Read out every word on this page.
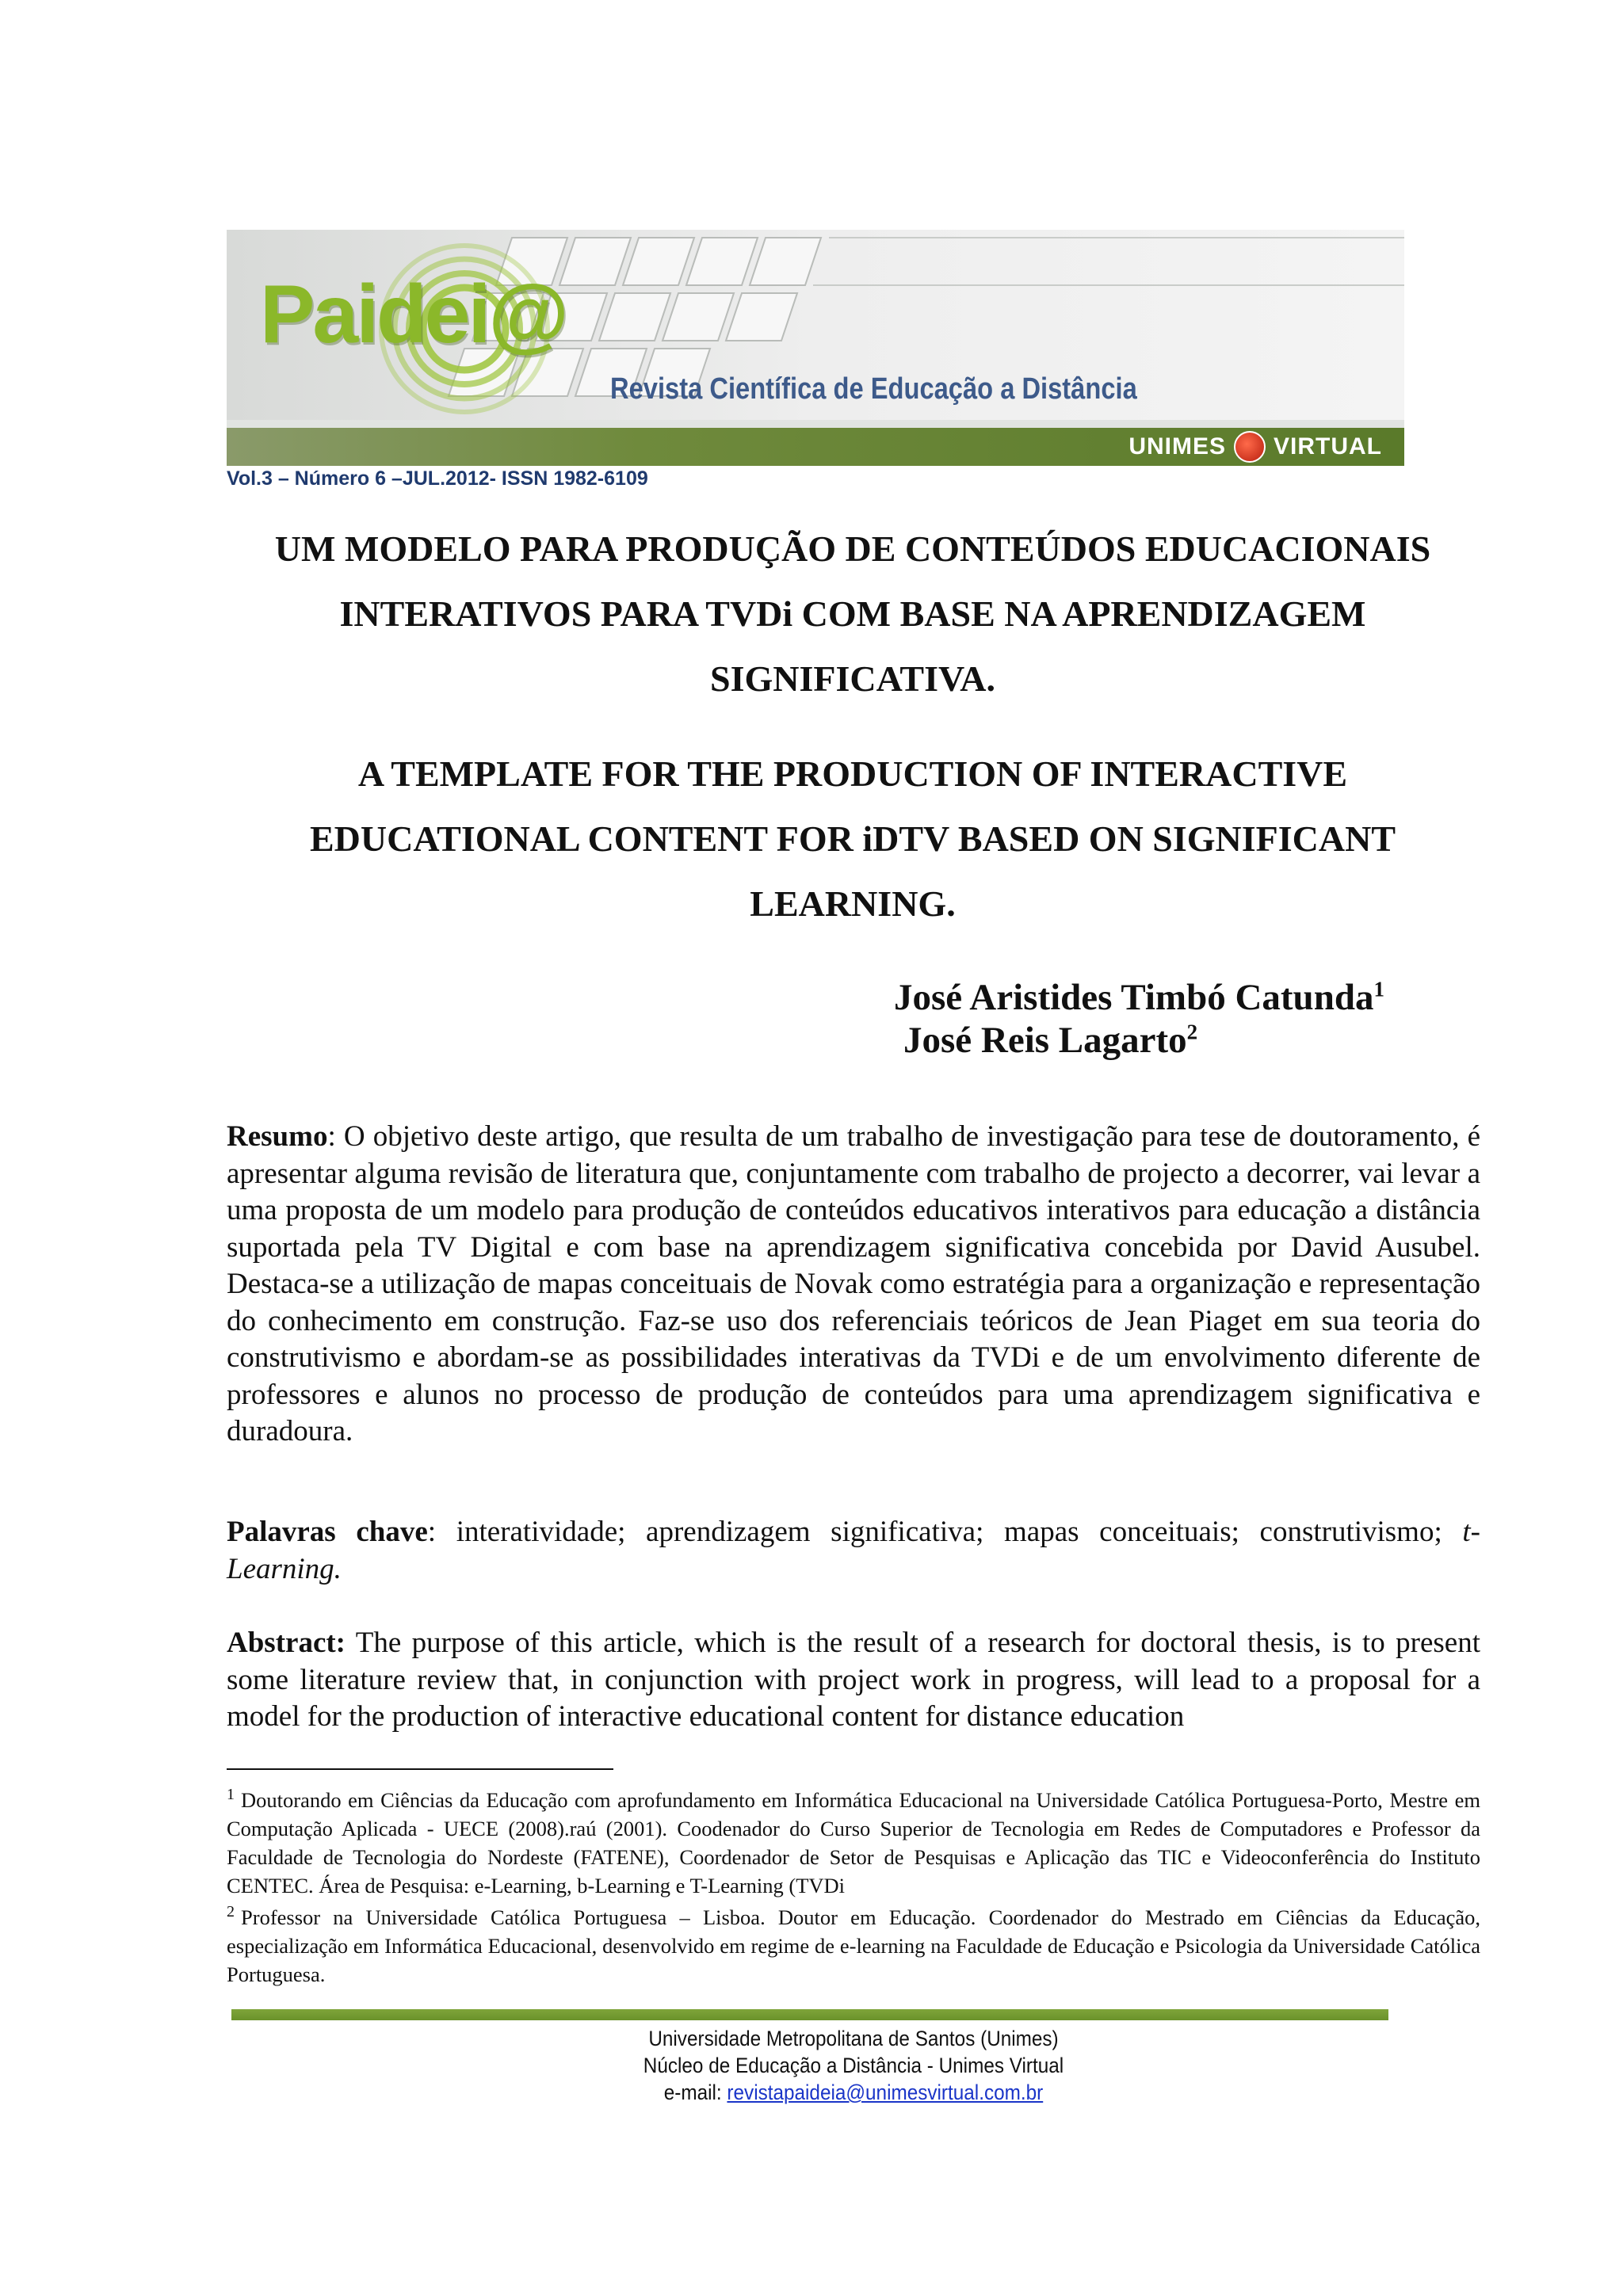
Paidei@
Revista Científica de Educação a Distância
UNIMES VIRTUAL
Vol.3 – Número 6 –JUL.2012- ISSN 1982-6109
UM MODELO PARA PRODUÇÃO DE CONTEÚDOS EDUCACIONAIS
INTERATIVOS PARA TVDi COM BASE NA APRENDIZAGEM
SIGNIFICATIVA.
A TEMPLATE FOR THE PRODUCTION OF INTERACTIVE
EDUCATIONAL CONTENT FOR iDTV BASED ON SIGNIFICANT
LEARNING.
José Aristides Timbó Catunda$^1$
José Reis Lagarto$^2$
Resumo: O objetivo deste artigo, que resulta de um trabalho de investigação para tese de doutoramento, é apresentar alguma revisão de literatura que, conjuntamente com trabalho de projecto a decorrer, vai levar a uma proposta de um modelo para produção de conteúdos educativos interativos para educação a distância suportada pela TV Digital e com base na aprendizagem significativa concebida por David Ausubel. Destaca-se a utilização de mapas conceituais de Novak como estratégia para a organização e representação do conhecimento em construção. Faz-se uso dos referenciais teóricos de Jean Piaget em sua teoria do construtivismo e abordam-se as possibilidades interativas da TVDi e de um envolvimento diferente de professores e alunos no processo de produção de conteúdos para uma aprendizagem significativa e duradoura.
Palavras chave: interatividade; aprendizagem significativa; mapas conceituais; construtivismo; t-Learning.
Abstract: The purpose of this article, which is the result of a research for doctoral thesis, is to present some literature review that, in conjunction with project work in progress, will lead to a proposal for a model for the production of interactive educational content for distance education
$^1$ Doutorando em Ciências da Educação com aprofundamento em Informática Educacional na Universidade Católica Portuguesa-Porto, Mestre em Computação Aplicada - UECE (2008).raú (2001). Coodenador do Curso Superior de Tecnologia em Redes de Computadores e Professor da Faculdade de Tecnologia do Nordeste (FATENE), Coordenador de Setor de Pesquisas e Aplicação das TIC e Videoconferência do Instituto CENTEC. Área de Pesquisa: e-Learning, b-Learning e T-Learning (TVDi
$^2$ Professor na Universidade Católica Portuguesa – Lisboa. Doutor em Educação. Coordenador do Mestrado em Ciências da Educação, especialização em Informática Educacional, desenvolvido em regime de e-learning na Faculdade de Educação e Psicologia da Universidade Católica Portuguesa.
Universidade Metropolitana de Santos (Unimes)
Núcleo de Educação a Distância - Unimes Virtual
e-mail: revistapaideia@unimesvirtual.com.br
